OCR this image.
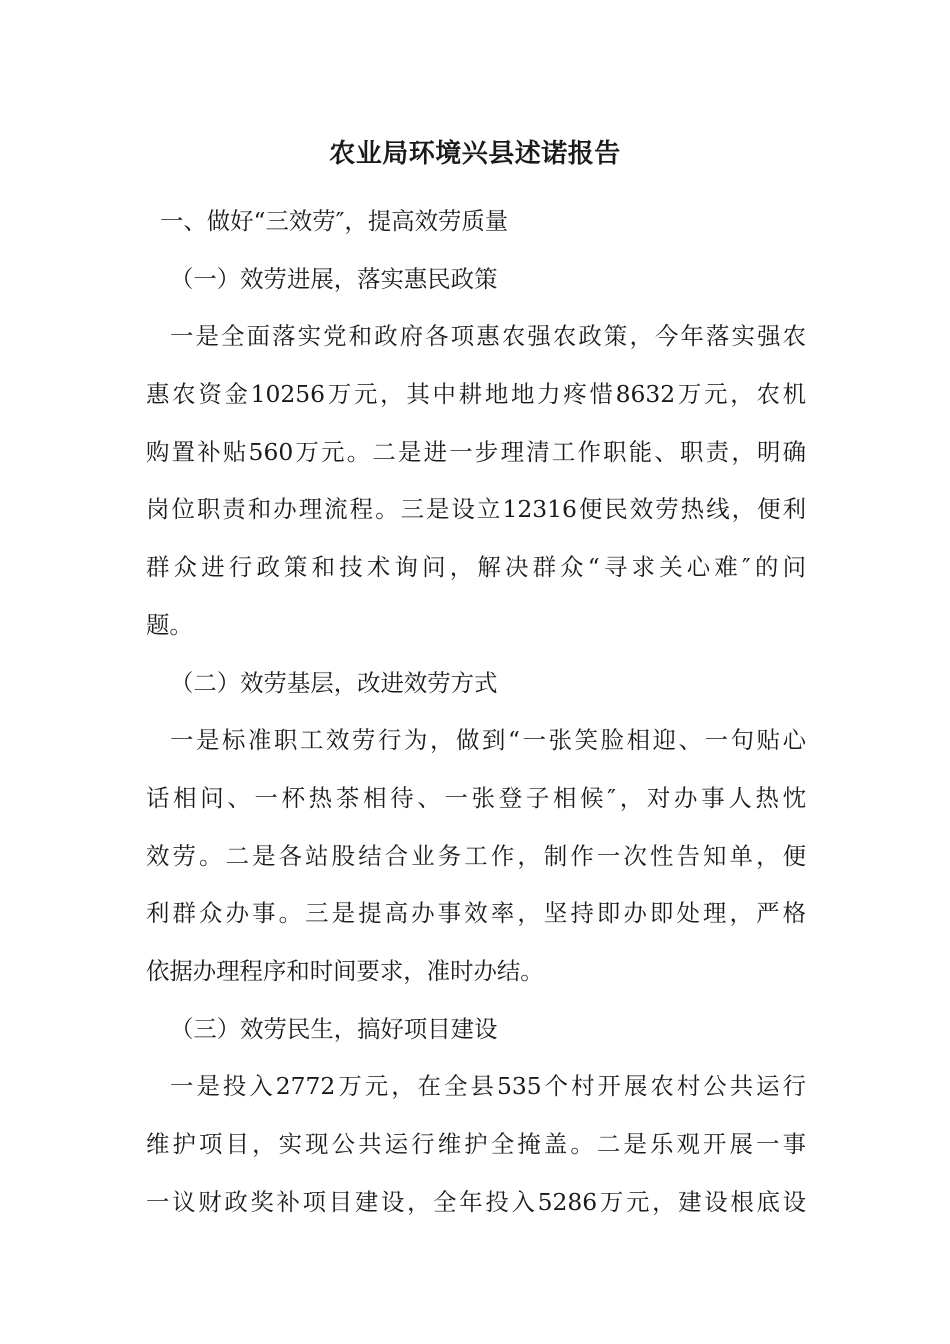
农业局环境兴县述诺报告
一、做好“三效劳″，提高效劳质量
（一）效劳进展，落实惠民政策
一是全面落实党和政府各项惠农强农政策，今年落实强农
惠农资金10256万元，其中耕地地力疼惜8632万元，农机
购置补贴560万元。二是进一步理清工作职能、职责，明确
岗位职责和办理流程。三是设立12316便民效劳热线，便利
群众进行政策和技术询问，解决群众“寻求关心难″的问
题。
（二）效劳基层，改进效劳方式
一是标准职工效劳行为，做到“一张笑脸相迎、一句贴心
话相问、一杯热茶相待、一张登子相候″，对办事人热忱
效劳。二是各站股结合业务工作，制作一次性告知单，便
利群众办事。三是提高办事效率，坚持即办即处理，严格
依据办理程序和时间要求，准时办结。
（三）效劳民生，搞好项目建设
一是投入2772万元，在全县535个村开展农村公共运行
维护项目，实现公共运行维护全掩盖。二是乐观开展一事
一议财政奖补项目建设，全年投入5286万元，建设根底设
